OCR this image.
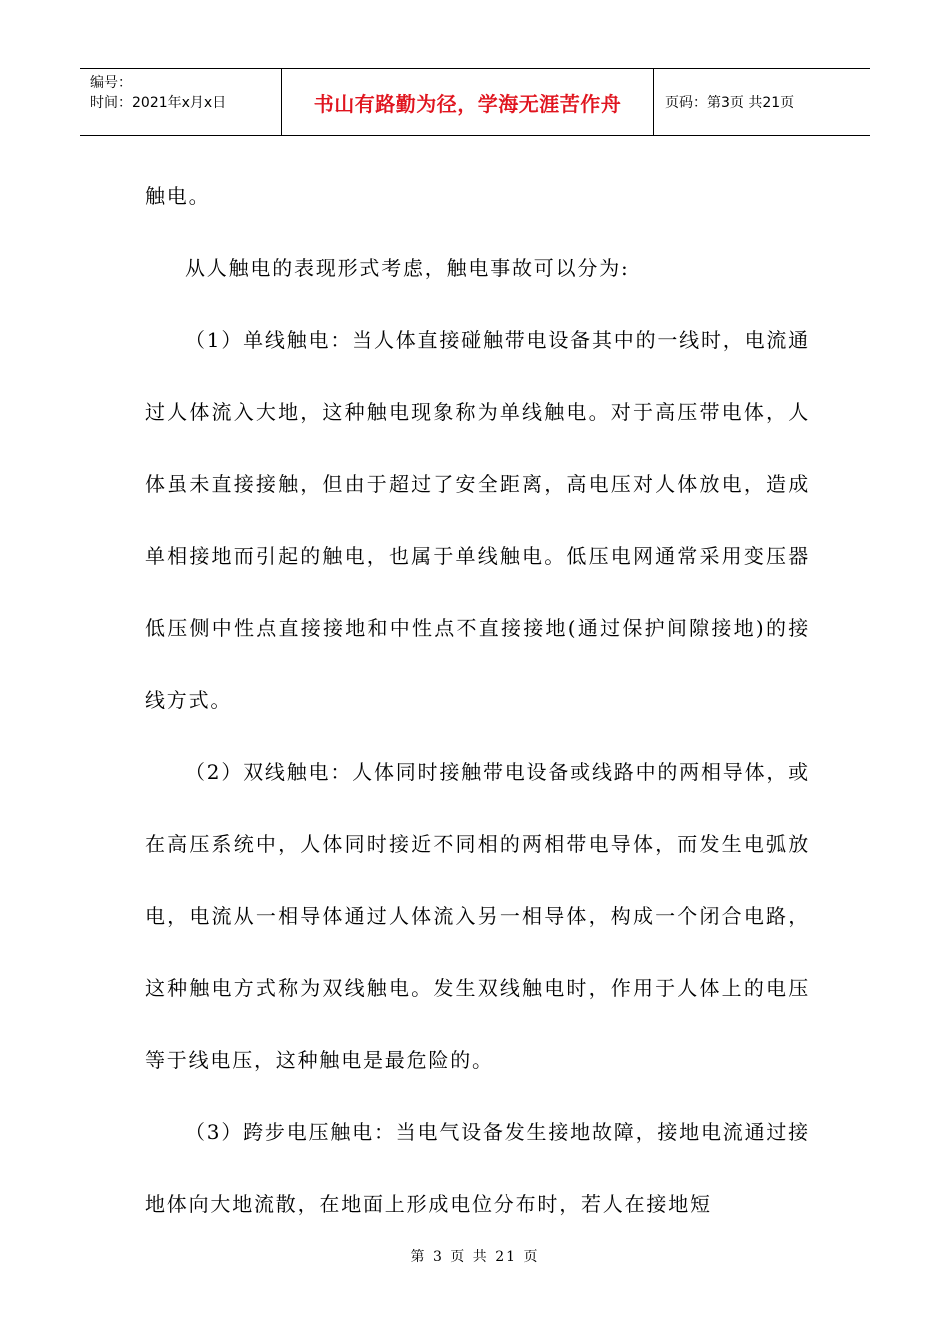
编号：
时间：2021年x月x日	书山有路勤为径，学海无涯苦作舟	页码：第3页 共21页

触电。

从人触电的表现形式考虑，触电事故可以分为:

（1）单线触电：当人体直接碰触带电设备其中的一线时，电流通过人体流入大地，这种触电现象称为单线触电。对于高压带电体，人体虽未直接接触，但由于超过了安全距离，高电压对人体放电，造成单相接地而引起的触电，也属于单线触电。低压电网通常采用变压器低压侧中性点直接接地和中性点不直接接地(通过保护间隙接地)的接线方式。

（2）双线触电：人体同时接触带电设备或线路中的两相导体，或在高压系统中，人体同时接近不同相的两相带电导体，而发生电弧放电，电流从一相导体通过人体流入另一相导体，构成一个闭合电路，这种触电方式称为双线触电。发生双线触电时，作用于人体上的电压等于线电压，这种触电是最危险的。

（3）跨步电压触电：当电气设备发生接地故障，接地电流通过接地体向大地流散，在地面上形成电位分布时，若人在接地短

第 3 页 共 21 页
